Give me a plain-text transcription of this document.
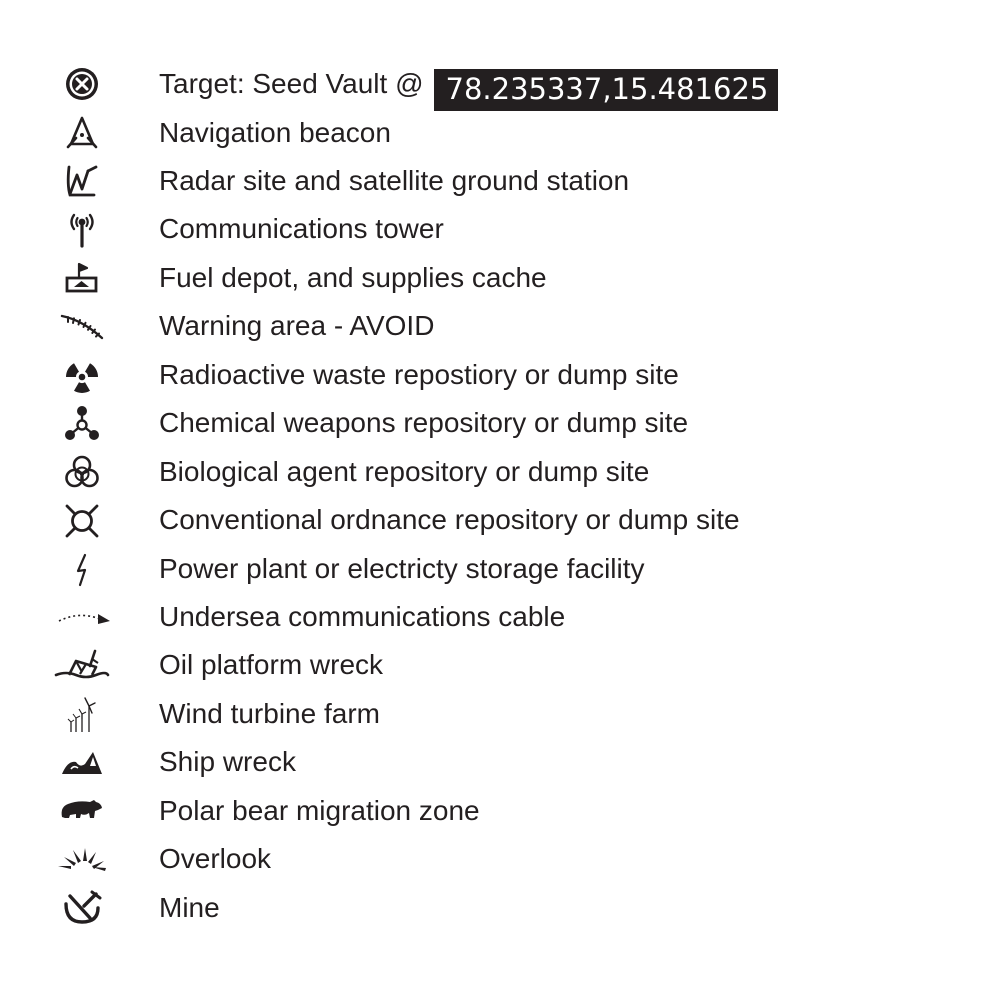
Target: Seed Vault @ 78.235337,15.481625
Navigation beacon
Radar site and satellite ground station
Communications tower
Fuel depot, and supplies cache
Warning area - AVOID
Radioactive waste repostiory or dump site
Chemical weapons repository or dump site
Biological agent repository or dump site
Conventional ordnance repository or dump site
Power plant or electricty storage facility
Undersea communications cable
Oil platform wreck
Wind turbine farm
Ship wreck
Polar bear migration zone
Overlook
Mine
